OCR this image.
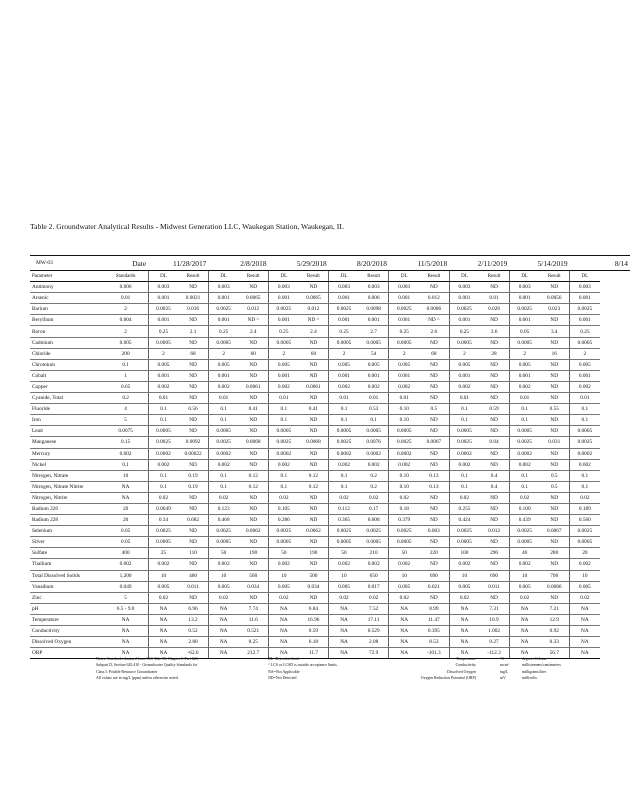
Table 2. Groundwater Analytical Results - Midwest Generation LLC, Waukegan Station, Waukegan, IL
MW-03	Date	11/28/2017		2/8/2018		5/29/2018		8/20/2018		11/5/2018		2/11/2019		5/14/2019		8/14
Parameter	Standards	DL	Result	DL	Result	DL	Result	DL	Result	DL	Result	DL	Result	DL	Result	DL
Antimony	0.006	0.003	ND	0.003	ND	0.003	ND	0.003	0.003	0.003	ND	0.003	ND	0.003	ND	0.003
Arsenic	0.01	0.001	0.0021	0.001	0.0065	0.001	0.0065	0.001	0.006	0.001	0.012	0.001	0.01	0.001	0.0056	0.001
Barium	2	0.0025	0.016	0.0025	0.012	0.0025	0.012	0.0025	0.0098	0.0025	0.0086	0.0025	0.026	0.0025	0.023	0.0025
Beryllium	0.004	0.001	ND	0.001	ND ^	0.001	ND ^	0.001	0.001	0.001	ND ^	0.001	ND	0.001	ND	0.001
Boron	2	0.25	2.1	0.25	2.4	0.25	2.4	0.25	2.7	0.25	2.6	0.25	3.6	0.05	3.4	0.25
Cadmium	0.005	0.0005	ND	0.0005	ND	0.0005	ND	0.0005	0.0005	0.0005	ND	0.0005	ND	0.0005	ND	0.0005
Chloride	200	2	68	2	60	2	60	2	54	2	68	2	28	2	16	2
Chromium	0.1	0.005	ND	0.005	ND	0.005	ND	0.005	0.005	0.005	ND	0.005	ND	0.005	ND	0.005
Cobalt	1	0.001	ND	0.001	ND	0.001	ND	0.001	0.001	0.001	ND	0.001	ND	0.001	ND	0.001
Copper	0.65	0.002	ND	0.002	0.0061	0.002	0.0061	0.002	0.002	0.002	ND	0.002	ND	0.002	ND	0.002
Cyanide, Total	0.2	0.01	ND	0.01	ND	0.01	ND	0.01	0.01	0.01	ND	0.01	ND	0.01	ND	0.01
Fluoride	4	0.1	0.56	0.1	0.41	0.1	0.41	0.1	0.53	0.10	0.5	0.1	0.59	0.1	0.55	0.1
Iron	5	0.1	ND	0.1	ND	0.1	ND	0.1	0.1	0.10	ND	0.1	ND	0.1	ND	0.1
Lead	0.0075	0.0005	ND	0.0005	ND	0.0005	ND	0.0005	0.0005	0.0005	ND	0.0005	ND	0.0005	ND	0.0005
Manganese	0.15	0.0025	0.0092	0.0025	0.0068	0.0025	0.0068	0.0025	0.0076	0.0025	0.0067	0.0025	0.04	0.0025	0.031	0.0025
Mercury	0.002	0.0002	0.00022	0.0002	ND	0.0002	ND	0.0002	0.0002	0.0002	ND	0.0002	ND	0.0002	ND	0.0002
Nickel	0.1	0.002	ND	0.002	ND	0.002	ND	0.002	0.002	0.002	ND	0.002	ND	0.002	ND	0.002
Nitrogen, Nitrate	10	0.1	0.19	0.1	0.12	0.1	0.12	0.1	0.2	0.10	0.13	0.1	0.4	0.1	0.5	0.1
Nitrogen, Nitrate Nitrite	NA	0.1	0.19	0.1	0.12	0.1	0.12	0.1	0.2	0.10	0.13	0.1	0.4	0.1	0.5	0.1
Nitrogen, Nitrite	NA	0.02	ND	0.02	ND	0.02	ND	0.02	0.02	0.02	ND	0.02	ND	0.02	ND	0.02
Radium 226	20	0.0649	ND	0.123	ND	0.105	ND	0.112	0.17	0.18	ND	0.255	ND	0.100	ND	0.189
Radium 228	20	0.34	0.682	0.468	ND	0.286	ND	0.365	0.608	0.379	ND	0.424	ND	0.439	ND	0.560
Selenium	0.05	0.0025	ND	0.0025	0.0062	0.0025	0.0062	0.0025	0.0025	0.0025	0.003	0.0025	0.012	0.0025	0.0067	0.0025
Silver	0.05	0.0005	ND	0.0005	ND	0.0005	ND	0.0005	0.0005	0.0005	ND	0.0005	ND	0.0005	ND	0.0005
Sulfate	400	25	110	50	190	50	190	50	210	50	220	100	290	40	280	20
Thallium	0.002	0.002	ND	0.002	ND	0.002	ND	0.002	0.002	0.002	ND	0.002	ND	0.002	ND	0.002
Total Dissolved Solids	1,200	10	460	10	500	10	500	10	650	10	690	10	690	10	700	10
Vanadium	0.049	0.005	0.011	0.005	0.034	0.005	0.034	0.005	0.017	0.005	0.021	0.005	0.011	0.005	0.0086	0.005
Zinc	5	0.02	ND	0.02	ND	0.02	ND	0.02	0.02	0.02	ND	0.02	ND	0.02	ND	0.02
pH	6.5 - 9.0	NA	6.96	NA	7.74	NA	6.84	NA	7.52	NA	8.99	NA	7.31	NA	7.21	NA
Temperature	NA	NA	13.2	NA	11.6	NA	16.96	NA	17.11	NA	11.47	NA	10.9	NA	12.9	NA
Conductivity	NA	NA	0.52	NA	0.521	NA	0.59	NA	0.529	NA	0.395	NA	1.002	NA	0.92	NA
Dissolved Oxygen	NA	NA	2.80	NA	0.25	NA	6.18	NA	2.08	NA	8.53	NA	0.27	NA	0.33	NA
ORP	NA	NA	-62.6	NA	212.7	NA	11.7	NA	72.9	NA	-101.3	NA	-112.3	NA	56.7	NA
Notes: Standards obtained from IAC Title 35, Chapter I, Part 620,
Subpart D, Section 620.410 - Groundwater Quality Standards for
Class I: Potable Resource Groundwater
All values are in mg/L (ppm) unless otherwise noted.
DL=Detection limit
^ LCS or LCSD is outside acceptance limits.
NA=Not Applicable
ND=Not Detected
Temperature
Conductivity
Dissolved Oxygen
Oxygen Reduction Potential (ORP)
°C
mcm²
mg/L
mV
degrees Celsius
millisiemens/centimeters
milligrams/liter
millivolts
